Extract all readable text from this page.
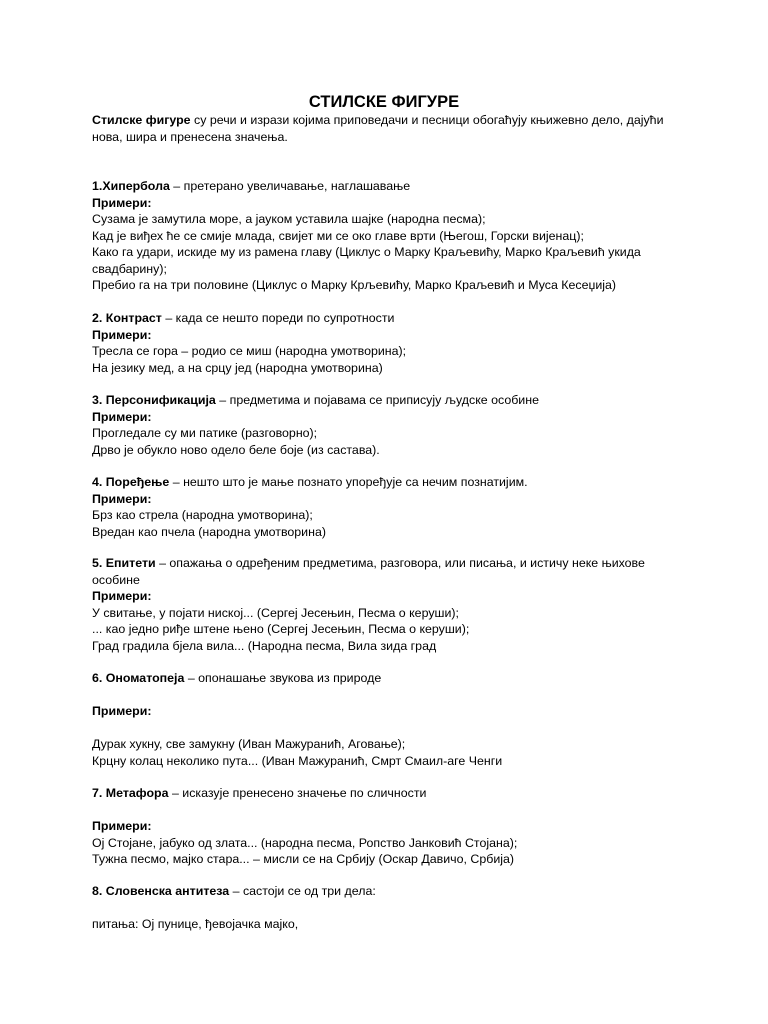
СТИЛСКЕ ФИГУРЕ

Стилске фигуре су речи и изрази којима приповедачи и песници обогаћују књижевно дело, дајући нова, шира и пренесена значења.

1.Хипербола – претерано увеличавање, наглашавање

Примери:

Сузама је замутила море, а јауком уставила шајке (народна песма);

Кад је виђех ће се смије млада, свијет ми се око главе врти (Његош, Горски вијенац);

Како га удари, искиде му из рамена главу (Циклус о Марку Краљевићу, Марко Краљевић укида свадбарину);

Пребио га на три половине (Циклус о Марку Крљевићу, Марко Краљевић и Муса Кесеџија)

2. Контраст – када се нешто пореди по супротности

Примери:

Тресла се гора – родио се миш (народна умотворина);

На језику мед, а на срцу јед (народна умотворина)

3. Персонификација – предметима и појавама се приписују људске особине

Примери:

Прогледале су ми патике (разговорно);

Дрво је обукло ново одело беле боје (из састава).

4. Поређење – нешто што је мање познато упоређује са нечим познатијим.

Примери:

Брз као стрела (народна умотворина);

Вредан као пчела (народна умотворина)

5. Епитети – опажања о одређеним предметима, разговора, или писања, и истичу неке њихове особине

Примери:

У свитање, у појати ниској... (Сергеј Јесењин, Песма о керуши);

... као једно риђе штене њено (Сергеј Јесењин, Песма о керуши);

Град градила бјела вила... (Народна песма, Вила зида град

6. Ономатопеја – опонашање звукова из природе

Примери:

Дурак хукну, све замукну (Иван Мажуранић, Аговање);

Крцну колац неколико пута... (Иван Мажуранић, Смрт Смаил-аге Ченги

7. Метафора – исказује пренесено значење по сличности

Примери:

Ој Стојане, јабуко од злата... (народна песма, Ропство Јанковић Стојана);

Тужна песмо, мајко стара... – мисли се на Србију (Оскар Давичо, Србија)

8. Словенска антитеза – састоји се од три дела:

питања: Ој пунице, ђевојачка мајко,
